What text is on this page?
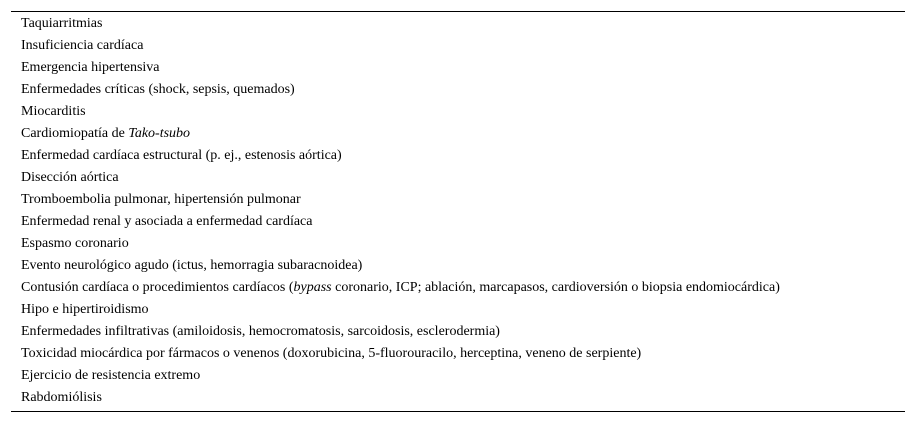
Taquiarritmias
Insuficiencia cardíaca
Emergencia hipertensiva
Enfermedades críticas (shock, sepsis, quemados)
Miocarditis
Cardiomiopatía de Tako-tsubo
Enfermedad cardíaca estructural (p. ej., estenosis aórtica)
Disección aórtica
Tromboembolia pulmonar, hipertensión pulmonar
Enfermedad renal y asociada a enfermedad cardíaca
Espasmo coronario
Evento neurológico agudo (ictus, hemorragia subaracnoidea)
Contusión cardíaca o procedimientos cardíacos (bypass coronario, ICP; ablación, marcapasos, cardioversión o biopsia endomiocárdica)
Hipo e hipertiroidismo
Enfermedades infiltrativas (amiloidosis, hemocromatosis, sarcoidosis, esclerodermia)
Toxicidad miocárdica por fármacos o venenos (doxorubicina, 5-fluorouracilo, herceptina, veneno de serpiente)
Ejercicio de resistencia extremo
Rabdomiólisis
